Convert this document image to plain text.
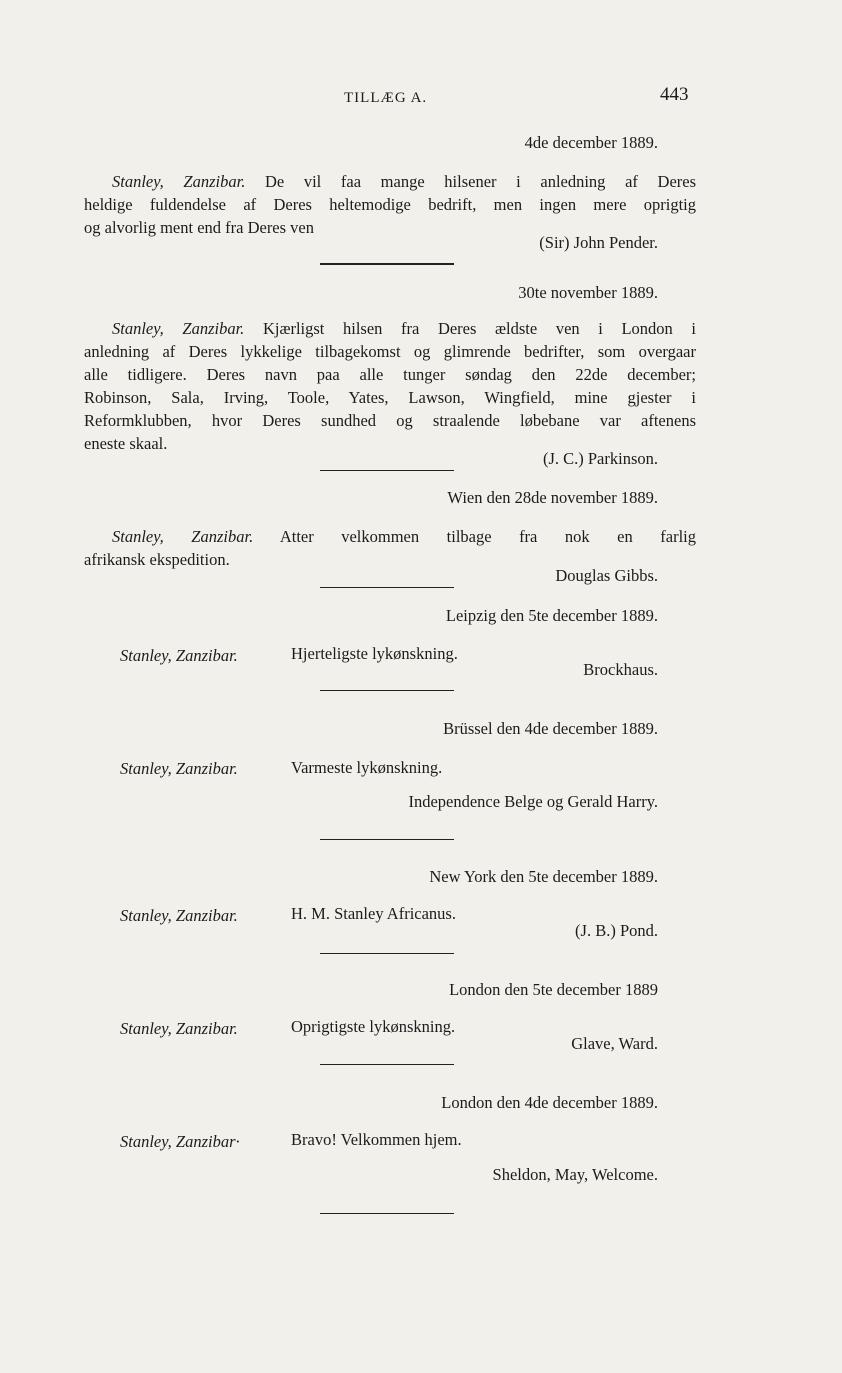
TILLÆG A.	443
4de december 1889.
Stanley, Zanzibar. De vil faa mange hilsener i anledning af Deres
heldige fuldendelse af Deres heltemodige bedrift, men ingen mere oprigtig
og alvorlig ment end fra Deres ven
(Sir) John Pender.
30te november 1889.
Stanley, Zanzibar. Kjærligst hilsen fra Deres ældste ven i London i
anledning af Deres lykkelige tilbagekomst og glimrende bedrifter, som overgaar
alle tidligere. Deres navn paa alle tunger søndag den 22de december;
Robinson, Sala, Irving, Toole, Yates, Lawson, Wingfield, mine gjester i
Reformklubben, hvor Deres sundhed og straalende løbebane var aftenens
eneste skaal.
(J. C.) Parkinson.
Wien den 28de november 1889.
Stanley, Zanzibar. Atter velkommen tilbage fra nok en farlig
afrikansk ekspedition.
Douglas Gibbs.
Leipzig den 5te december 1889.
Stanley, Zanzibar.	Hjerteligste lykønskning.
Brockhaus.
Brüssel den 4de december 1889.
Stanley, Zanzibar.	Varmeste lykønskning.
Independence Belge og Gerald Harry.
New York den 5te december 1889.
Stanley, Zanzibar.	H. M. Stanley Africanus.
(J. B.) Pond.
London den 5te december 1889
Stanley, Zanzibar.	Oprigtigste lykønskning.
Glave, Ward.
London den 4de december 1889.
Stanley, Zanzibar·	Bravo! Velkommen hjem.
Sheldon, May, Welcome.
